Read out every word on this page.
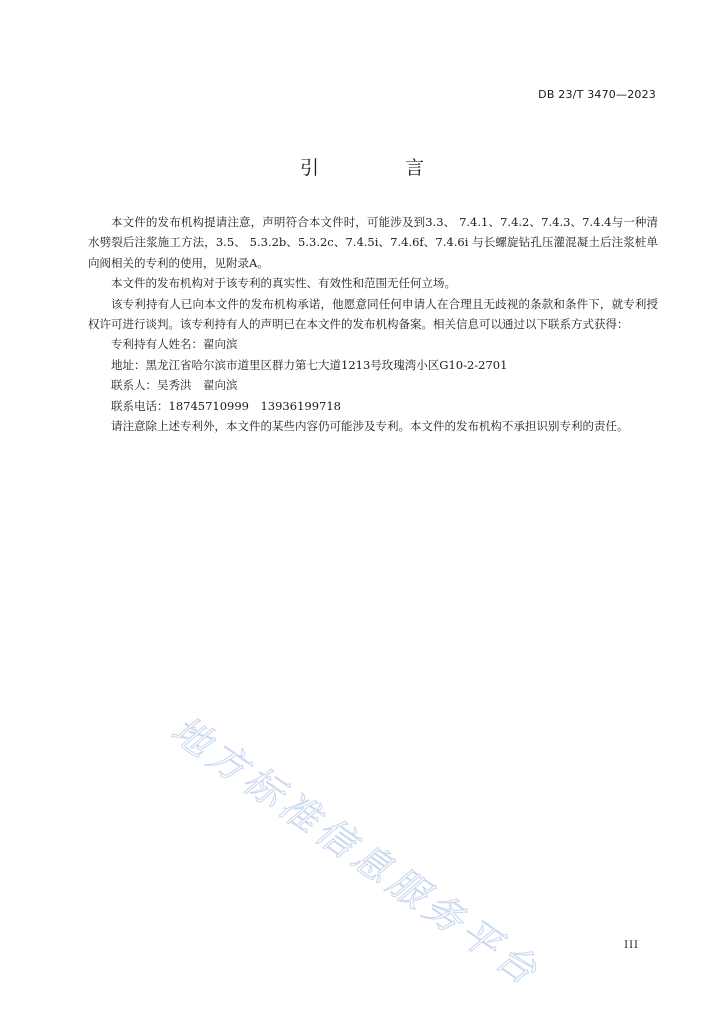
DB 23/T 3470—2023
引 言

本文件的发布机构提请注意，声明符合本文件时，可能涉及到3.3、 7.4.1、7.4.2、7.4.3、7.4.4与一种清水劈裂后注浆施工方法，3.5、 5.3.2b、5.3.2c、7.4.5i、7.4.6f、7.4.6i 与长螺旋钻孔压灌混凝土后注浆桩单向阀相关的专利的使用，见附录A。

本文件的发布机构对于该专利的真实性、有效性和范围无任何立场。

该专利持有人已向本文件的发布机构承诺，他愿意同任何申请人在合理且无歧视的条款和条件下，就专利授权许可进行谈判。该专利持有人的声明已在本文件的发布机构备案。相关信息可以通过以下联系方式获得：

专利持有人姓名：翟向滨

地址：黑龙江省哈尔滨市道里区群力第七大道1213号玫瑰湾小区G10-2-2701

联系人：吴秀洪　翟向滨

联系电话：18745710999　13936199718

请注意除上述专利外，本文件的某些内容仍可能涉及专利。本文件的发布机构不承担识别专利的责任。

地方标准信息服务平台	III
